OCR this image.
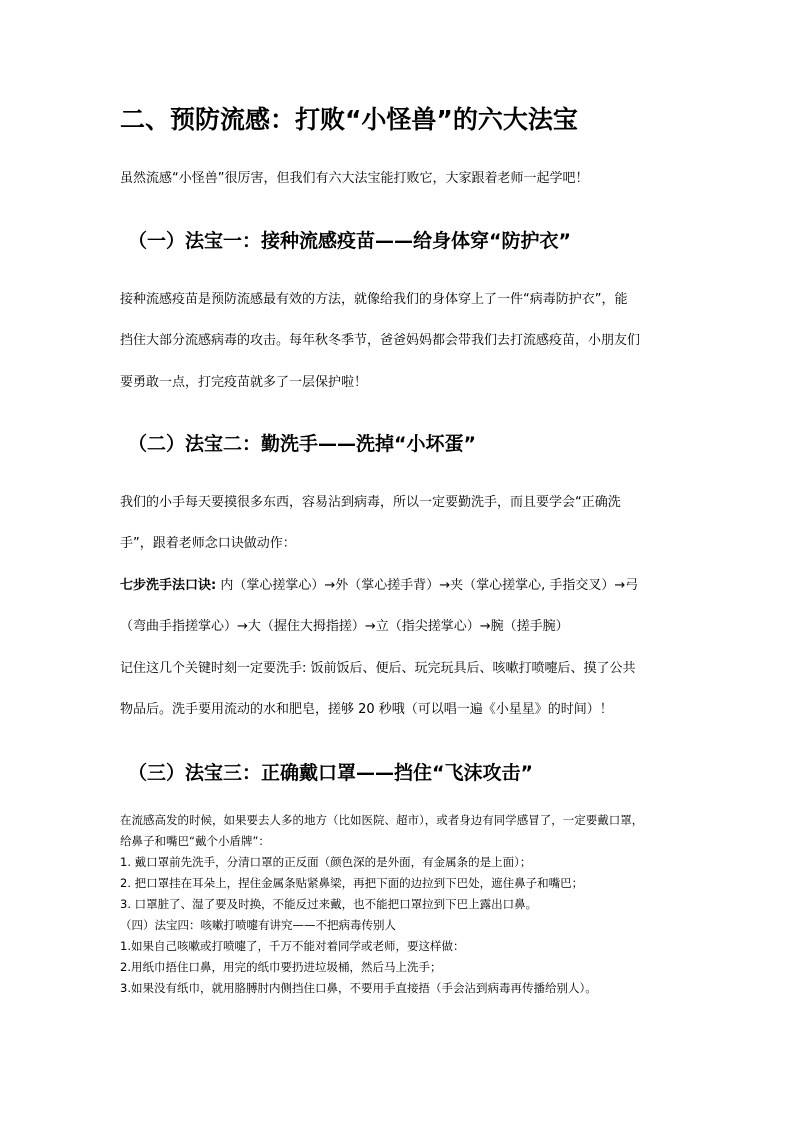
二、预防流感：打败“小怪兽”的六大法宝
虽然流感“小怪兽”很厉害，但我们有六大法宝能打败它，大家跟着老师一起学吧！
（一）法宝一：接种流感疫苗——给身体穿“防护衣”
接种流感疫苗是预防流感最有效的方法，就像给我们的身体穿上了一件“病毒防护衣”，能
挡住大部分流感病毒的攻击。每年秋冬季节，爸爸妈妈都会带我们去打流感疫苗，小朋友们
要勇敢一点，打完疫苗就多了一层保护啦！
（二）法宝二：勤洗手——洗掉“小坏蛋”
我们的小手每天要摸很多东西，容易沾到病毒，所以一定要勤洗手，而且要学会“正确洗
手”，跟着老师念口诀做动作：
七步洗手法口诀: 内（掌心搓掌心）→外（掌心搓手背）→夹（掌心搓掌心, 手指交叉）→弓
（弯曲手指搓掌心）→大（握住大拇指搓）→立（指尖搓掌心）→腕（搓手腕）
记住这几个关键时刻一定要洗手: 饭前饭后、便后、玩完玩具后、咳嗽打喷嚏后、摸了公共
物品后。洗手要用流动的水和肥皂，搓够 20 秒哦（可以唱一遍《小星星》的时间）！
（三）法宝三：正确戴口罩——挡住“飞沫攻击”
在流感高发的时候，如果要去人多的地方（比如医院、超市），或者身边有同学感冒了，一定要戴口罩，
给鼻子和嘴巴“戴个小盾牌”：
1. 戴口罩前先洗手，分清口罩的正反面（颜色深的是外面，有金属条的是上面）；
2. 把口罩挂在耳朵上，捏住金属条贴紧鼻梁，再把下面的边拉到下巴处，遮住鼻子和嘴巴；
3. 口罩脏了、湿了要及时换，不能反过来戴，也不能把口罩拉到下巴上露出口鼻。
（四）法宝四：咳嗽打喷嚏有讲究——不把病毒传别人
1.如果自己咳嗽或打喷嚏了，千万不能对着同学或老师，要这样做：
2.用纸巾捂住口鼻，用完的纸巾要扔进垃圾桶，然后马上洗手；
3.如果没有纸巾，就用胳膊肘内侧挡住口鼻，不要用手直接捂（手会沾到病毒再传播给别人）。
